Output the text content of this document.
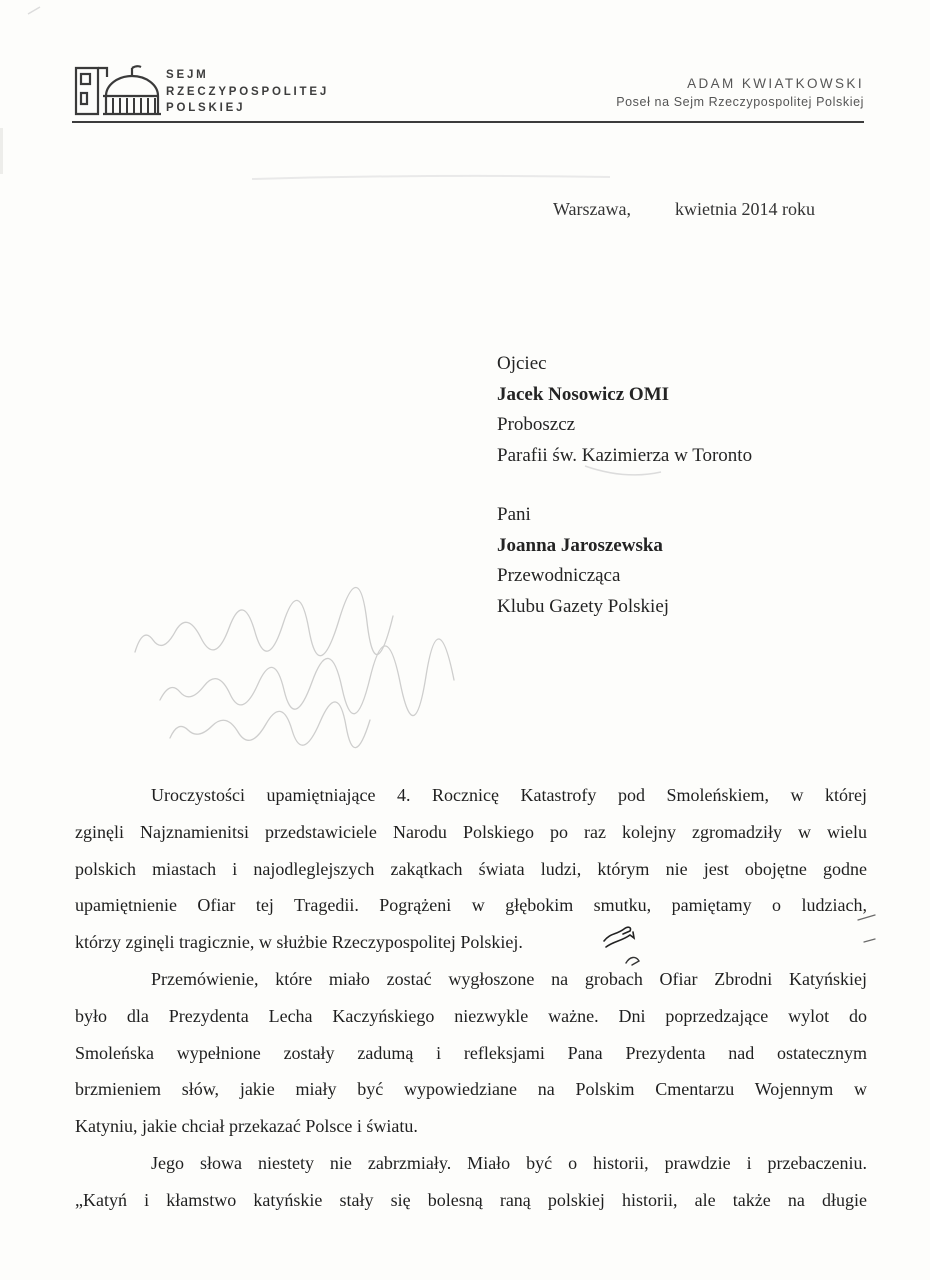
SEJM
RZECZYPOSPOLITEJ
POLSKIEJ
ADAM KWIATKOWSKI
Poseł na Sejm Rzeczypospolitej Polskiej
Warszawa, kwietnia 2014 roku
Ojciec
Jacek Nosowicz OMI
Proboszcz
Parafii św. Kazimierza w Toronto
Pani
Joanna Jaroszewska
Przewodnicząca
Klubu Gazety Polskiej
Uroczystości upamiętniające 4. Rocznicę Katastrofy pod Smoleńskiem, w której
zginęli Najznamienitsi przedstawiciele Narodu Polskiego po raz kolejny zgromadziły w wielu
polskich miastach i najodleglejszych zakątkach świata ludzi, którym nie jest obojętne godne
upamiętnienie Ofiar tej Tragedii. Pogrążeni w głębokim smutku, pamiętamy o ludziach,
którzy zginęli tragicznie, w służbie Rzeczypospolitej Polskiej.
Przemówienie, które miało zostać wygłoszone na grobach Ofiar Zbrodni Katyńskiej
było dla Prezydenta Lecha Kaczyńskiego niezwykle ważne. Dni poprzedzające wylot do
Smoleńska wypełnione zostały zadumą i refleksjami Pana Prezydenta nad ostatecznym
brzmieniem słów, jakie miały być wypowiedziane na Polskim Cmentarzu Wojennym w
Katyniu, jakie chciał przekazać Polsce i światu.
Jego słowa niestety nie zabrzmiały. Miało być o historii, prawdzie i przebaczeniu.
„Katyń i kłamstwo katyńskie stały się bolesną raną polskiej historii, ale także na długie
